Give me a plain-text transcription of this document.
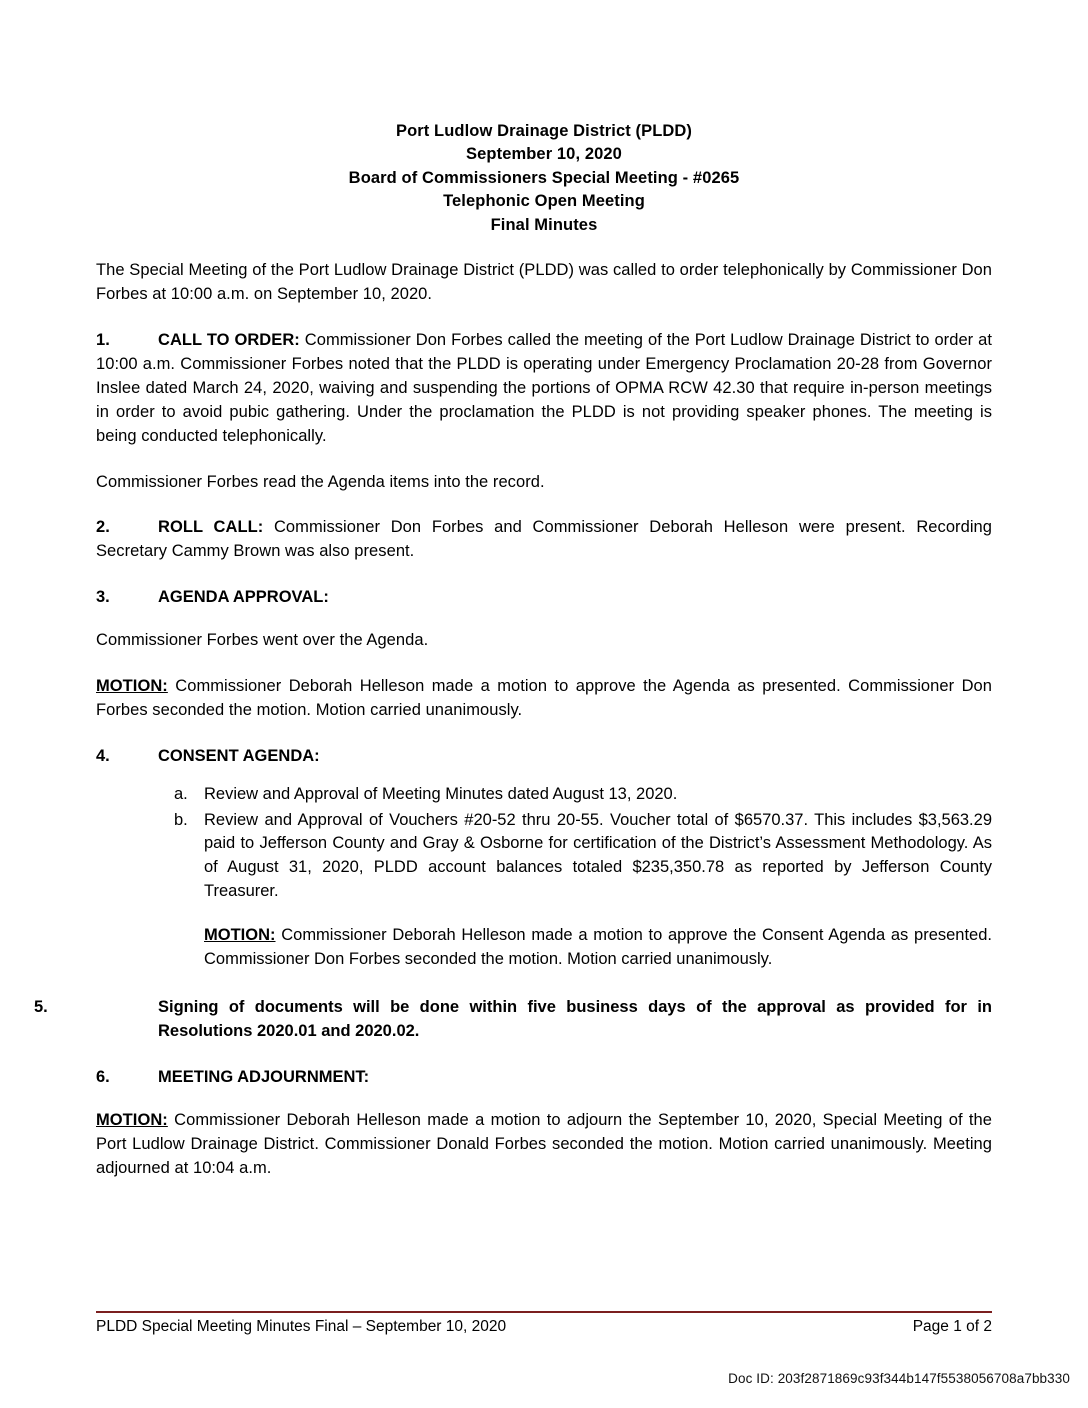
Port Ludlow Drainage District (PLDD)
September 10, 2020
Board of Commissioners Special Meeting - #0265
Telephonic Open Meeting
Final Minutes

The Special Meeting of the Port Ludlow Drainage District (PLDD) was called to order telephonically by Commissioner Don Forbes at 10:00 a.m. on September 10, 2020.

1.	CALL TO ORDER: Commissioner Don Forbes called the meeting of the Port Ludlow Drainage District to order at 10:00 a.m. Commissioner Forbes noted that the PLDD is operating under Emergency Proclamation 20-28 from Governor Inslee dated March 24, 2020, waiving and suspending the portions of OPMA RCW 42.30 that require in-person meetings in order to avoid pubic gathering. Under the proclamation the PLDD is not providing speaker phones. The meeting is being conducted telephonically.

Commissioner Forbes read the Agenda items into the record.

2.	ROLL CALL: Commissioner Don Forbes and Commissioner Deborah Helleson were present. Recording Secretary Cammy Brown was also present.

3.	AGENDA APPROVAL:

Commissioner Forbes went over the Agenda.

MOTION: Commissioner Deborah Helleson made a motion to approve the Agenda as presented. Commissioner Don Forbes seconded the motion. Motion carried unanimously.

4.	CONSENT AGENDA:

a. Review and Approval of Meeting Minutes dated August 13, 2020.
b. Review and Approval of Vouchers #20-52 thru 20-55. Voucher total of $6570.37. This includes $3,563.29 paid to Jefferson County and Gray & Osborne for certification of the District’s Assessment Methodology. As of August 31, 2020, PLDD account balances totaled $235,350.78 as reported by Jefferson County Treasurer.

MOTION: Commissioner Deborah Helleson made a motion to approve the Consent Agenda as presented. Commissioner Don Forbes seconded the motion. Motion carried unanimously.

5.	Signing of documents will be done within five business days of the approval as provided for in Resolutions 2020.01 and 2020.02.

6.	MEETING ADJOURNMENT:

MOTION: Commissioner Deborah Helleson made a motion to adjourn the September 10, 2020, Special Meeting of the Port Ludlow Drainage District. Commissioner Donald Forbes seconded the motion. Motion carried unanimously. Meeting adjourned at 10:04 a.m.

PLDD Special Meeting Minutes Final – September 10, 2020	Page 1 of 2
Doc ID: 203f2871869c93f344b147f5538056708a7bb330
